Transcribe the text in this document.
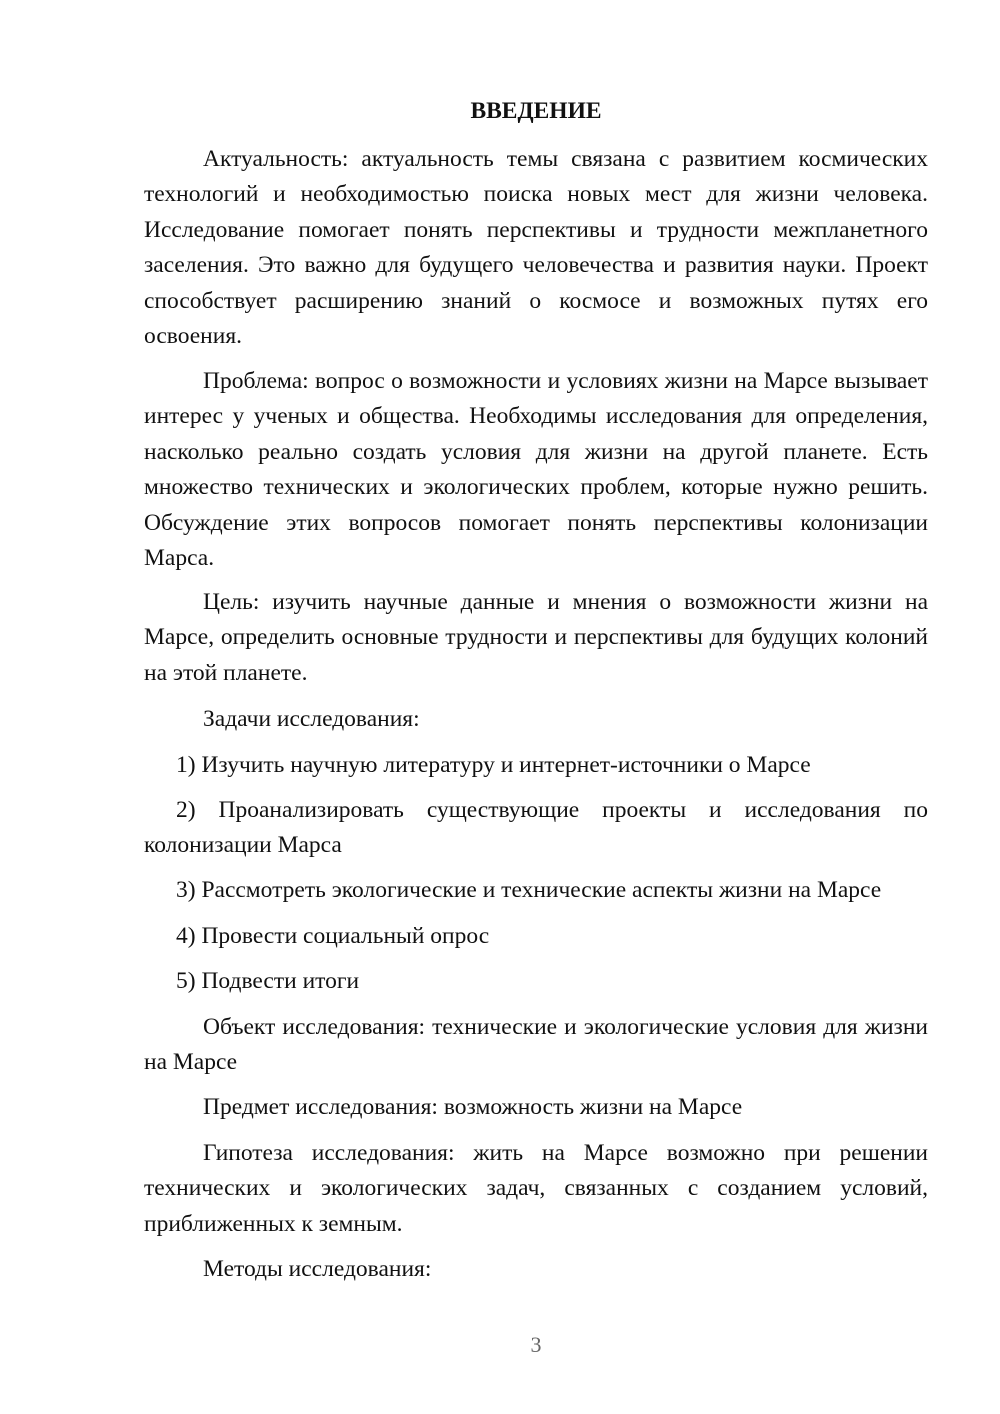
ВВЕДЕНИЕ

Актуальность: актуальность темы связана с развитием космических технологий и необходимостью поиска новых мест для жизни человека. Исследование помогает понять перспективы и трудности межпланетного заселения. Это важно для будущего человечества и развития науки. Проект способствует расширению знаний о космосе и возможных путях его освоения.

Проблема: вопрос о возможности и условиях жизни на Марсе вызывает интерес у ученых и общества. Необходимы исследования для определения, насколько реально создать условия для жизни на другой планете. Есть множество технических и экологических проблем, которые нужно решить. Обсуждение этих вопросов помогает понять перспективы колонизации Марса.

Цель: изучить научные данные и мнения о возможности жизни на Марсе, определить основные трудности и перспективы для будущих колоний на этой планете.

Задачи исследования:

1) Изучить научную литературу и интернет-источники о Марсе

2) Проанализировать существующие проекты и исследования по колонизации Марса

3) Рассмотреть экологические и технические аспекты жизни на Марсе

4) Провести социальный опрос

5) Подвести итоги

Объект исследования: технические и экологические условия для жизни на Марсе

Предмет исследования: возможность жизни на Марсе

Гипотеза исследования: жить на Марсе возможно при решении технических и экологических задач, связанных с созданием условий, приближенных к земным.

Методы исследования:

3
